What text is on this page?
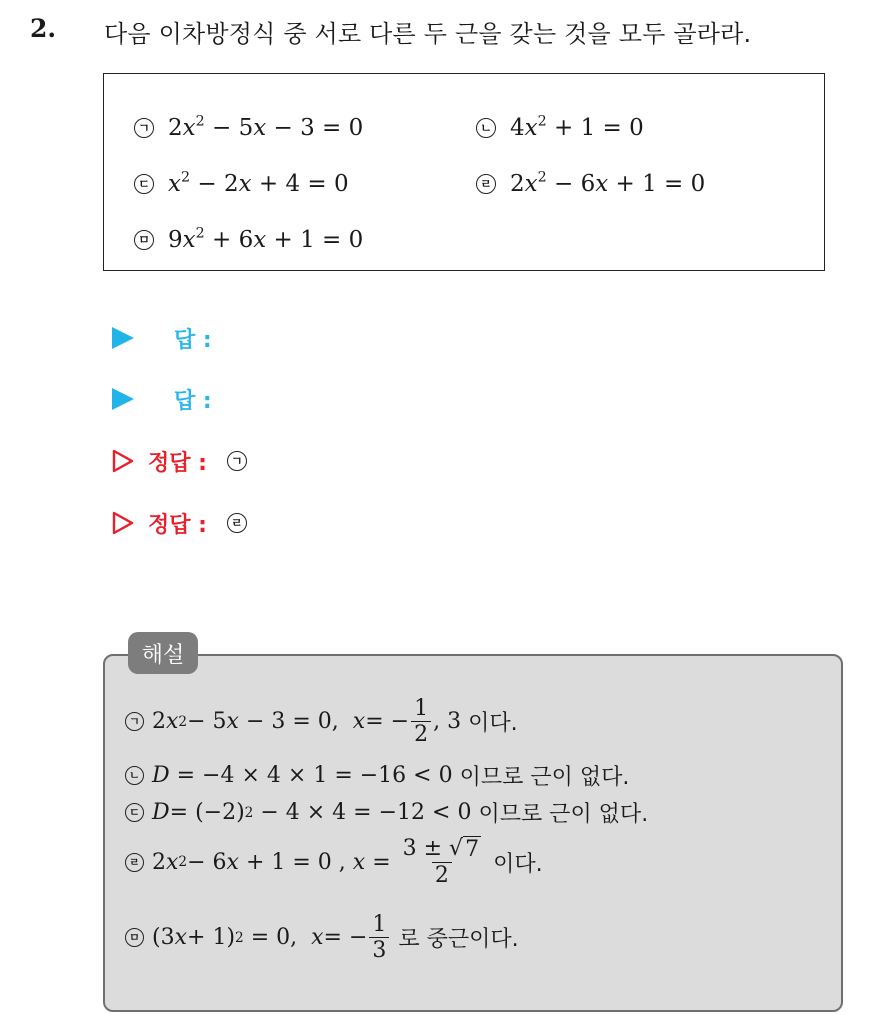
2. 다음 이차방정식 중 서로 다른 두 근을 갖는 것을 모두 골라라.
ㄱ $2x^2 - 5x - 3 = 0$	ㄴ $4x^2 + 1 = 0$
ㄷ $x^2 - 2x + 4 = 0$	ㄹ $2x^2 - 6x + 1 = 0$
ㅁ $9x^2 + 6x + 1 = 0$
답 :
답 :
정답 :	ㄱ
정답 :	ㄹ
해설
ㄱ 2 x 2 − 5 x − 3 = 0, x = − $\frac{1}{2}$ , 3 이다.
ㄴ D = −4 × 4 × 1 = −16 < 0 이므로 근이 없다.
ㄷ D = (−2) 2 − 4 × 4 = −12 < 0 이므로 근이 없다.
ㄹ 2 x 2 − 6 x + 1 = 0 , $x = \frac{3 \pm √ 7}{2}$ 이다.
ㅁ (3 x + 1) 2 = 0, x = − $\frac{1}{3}$ 로 중근이다.
